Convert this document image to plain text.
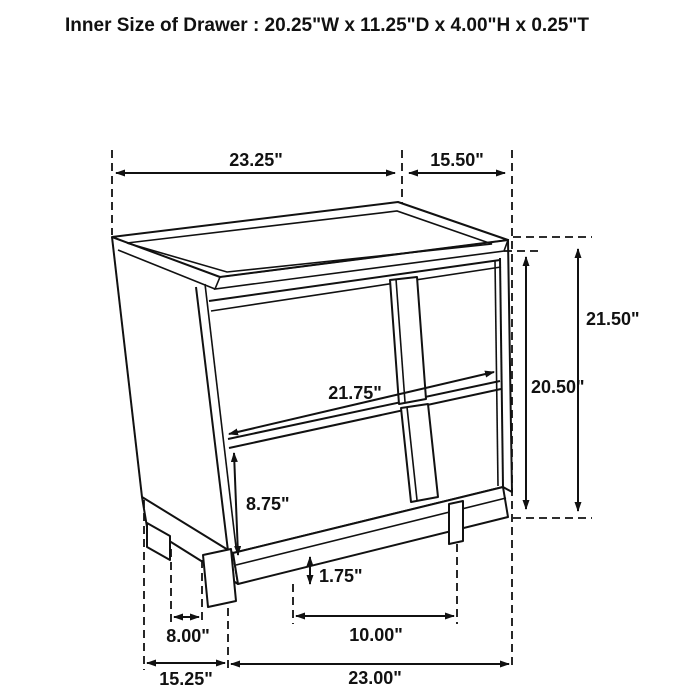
23.25"	15.50"
21.50"
20.50"
21.75"
8.75"
1.75"
8.00"	10.00"
15.25"	23.00"
Inner Size of Drawer : 20.25"W x 11.25"D x 4.00"H x 0.25"T
